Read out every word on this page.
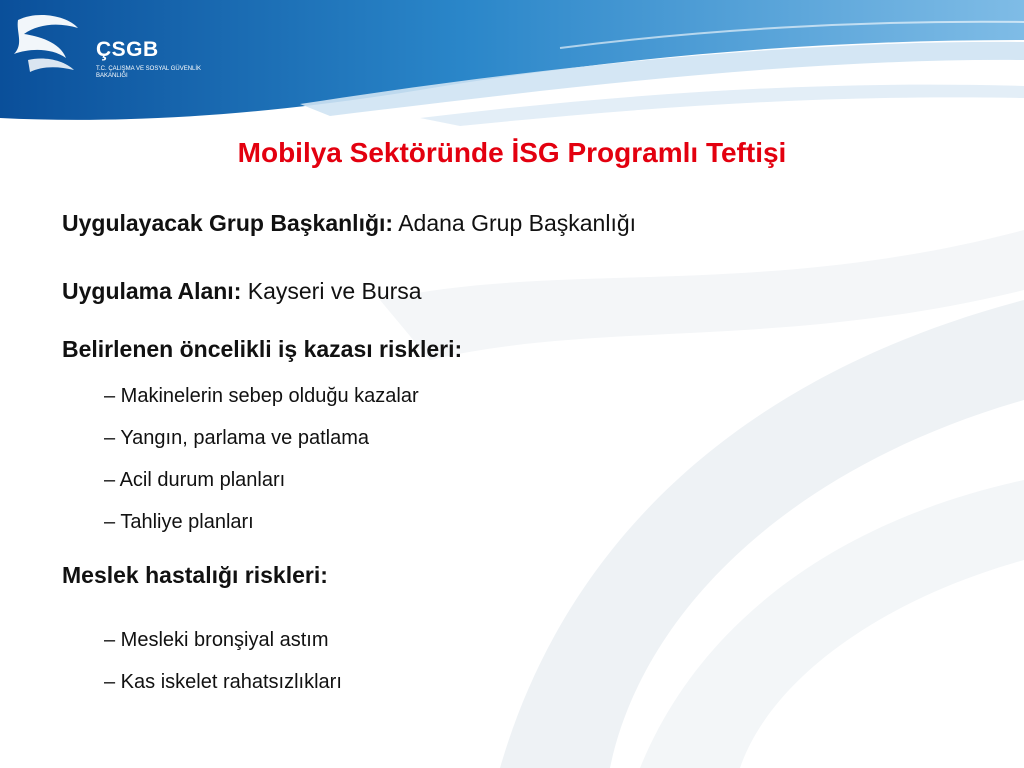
ÇSGB
T.C. ÇALIŞMA VE SOSYAL GÜVENLİK BAKANLIĞI
Mobilya Sektöründe İSG Programlı Teftişi
Uygulayacak Grup Başkanlığı: Adana Grup Başkanlığı
Uygulama Alanı: Kayseri ve Bursa
Belirlenen öncelikli iş kazası riskleri:
– Makinelerin sebep olduğu kazalar
– Yangın, parlama ve patlama
– Acil durum planları
– Tahliye planları
Meslek hastalığı riskleri:
– Mesleki bronşiyal astım
– Kas iskelet rahatsızlıkları
